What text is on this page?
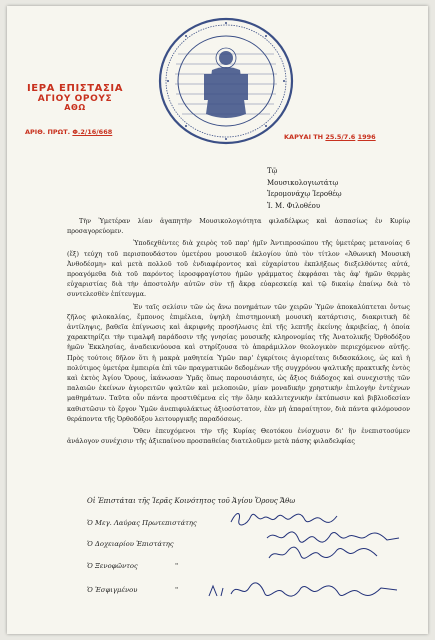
ΙΕΡΑ ΕΠΙΣΤΑΣΙΑ
ΑΓΙΟΥ ΟΡΟΥΣ
ΑΘΩ
ΑΡΙΘ. ΠΡΩΤ. Φ.2/16/668
ΚΑΡΥΑΙ ΤΗ 25.5/7.6 1996
Τῷ
Μουσικολογιωτάτῳ
Ἱερομονάχῳ Ἰεροθέῳ
Ἱ. Μ. Φιλοθέου

Τὴν Ὑμετέραν λίαν ἀγαπητὴν Μουσικολογιότητα φιλαδέλφως καὶ ἀσπασίως ἐν Κυρίῳ προσαγορεύομεν.

Ὑποδεχθέντες διὰ χειρὸς τοῦ παρ' ἡμῖν Ἀντιπροσώπου τῆς ὑμετέρας μετανοίας 6 (ἕξ) τεύχη τοῦ περισπουδάστου ὑμετέρου μουσικοῦ ἐκλογίου ὑπὸ τὸν τίτλον «Ἀθωνικὴ Μουσικὴ Ἀνθοδέσμη» καὶ μετὰ πολλοῦ τοῦ ἐνδιαφέροντος καὶ εὐχαρίστου ἐκπλήξεως διεξελθόντες αὐτά, προαγόμεθα διὰ τοῦ παρόντος ἱεροσφραγίστου ἡμῶν γράμματος ἐκφράσαι τὰς ἀφ' ἡμῶν θερμὰς εὐχαριστίας διὰ τὴν ἀποστολὴν αὐτῶν σὺν τῇ ἄκρᾳ εὐαρεσκείᾳ καὶ τῷ δικαίῳ ἐπαίνῳ διὰ τὸ συντελεσθὲν ἐπίτευγμα.

Ἐν ταῖς σελίσιν τῶν ὡς ἄνω πονημάτων τῶν χειρῶν Ὑμῶν ἀποκαλύπτεται ὄντως ζῆλος φιλοκαλίας, ἔμπονος ἐπιμέλεια, ὑψηλὴ ἐπιστημονικὴ μουσικὴ κατάρτισις, διακριτικὴ δὲ ἀντίληψις, βαθεῖα ἐπίγνωσις καὶ ἀκριφνὴς προσήλωσις ἐπὶ τῆς λεπτῆς ἐκείνης ἀκριβείας, ἡ ὁποία χαρακτηρίζει τὴν τιμαλφῆ παράδοσιν τῆς γνησίας μουσικῆς κληρονομίας τῆς Ἀνατολικῆς Ὀρθοδόξου ἡμῶν Ἐκκλησίας, ἀναδεικνύουσα καὶ στηρίζουσα τὸ ἀπαράμιλλον θεολογικὸν περιεχόμενον αὐτῆς. Πρὸς τούτοις δῆλον ὅτι ἡ μακρὰ μαθητεία Ὑμῶν παρ' ἐγκρίτοις ἁγιορείταις διδασκάλοις, ὡς καὶ ἡ πολύτιμος ὑμετέρα ἐμπειρία ἐπὶ τῶν πραγματικῶν δεδομένων τῆς συγχρόνου ψαλτικῆς πρακτικῆς ἐντὸς καὶ ἐκτὸς Ἁγίου Ὄρους, ἱκάνωσαν Ὑμᾶς ὅπως παρουσιάσητε, ὡς ἄξιος διάδοχος καὶ συνεχιστὴς τῶν παλαιῶν ἐκείνων ἁγιορειτῶν ψαλτῶν καὶ μελοποιῶν, μίαν μοναδικὴν χρηστικὴν ἐπιλογὴν ἐντέχνων μαθημάτων. Ταῦτα οὖν πάντα προστιθέμενα εἰς τὴν ὅλην καλλιτεχνικὴν ἐκτύπωσιν καὶ βιβλιοδεσίαν καθιστῶσιν τὸ ἔργον Ὑμῶν ἀνεπιφυλάκτως ἀξιοσύστατον, ἐὰν μὴ ἀπαραίτητον, διὰ πάντα φιλόμουσον θεράποντα τῆς Ὀρθοδόξου λειτουργικῆς παραδόσεως.

Ὅθεν ἐπευχόμενοι τὴν τῆς Κυρίας Θεοτόκου ἐνίσχυσιν δι' ἣν ἐνεπιστοσύμεν ἀνάλογον συνέχισιν τῆς ἀξιεπαίνου προσπαθείας διατελοῦμεν μετὰ πάσης φιλαδελφίας

Οἱ Ἐπιστάται τῆς Ἱερᾶς Κοινότητος τοῦ Ἁγίου Ὄρους Ἄθω
Ὁ Μεγ. Λαύρας Πρωτεπιστάτης
Ὁ Δοχειαρίου Ἐπιστάτης
Ὁ Ξενοφῶντος	"
Ὁ Ἐσφιγμένου	"
